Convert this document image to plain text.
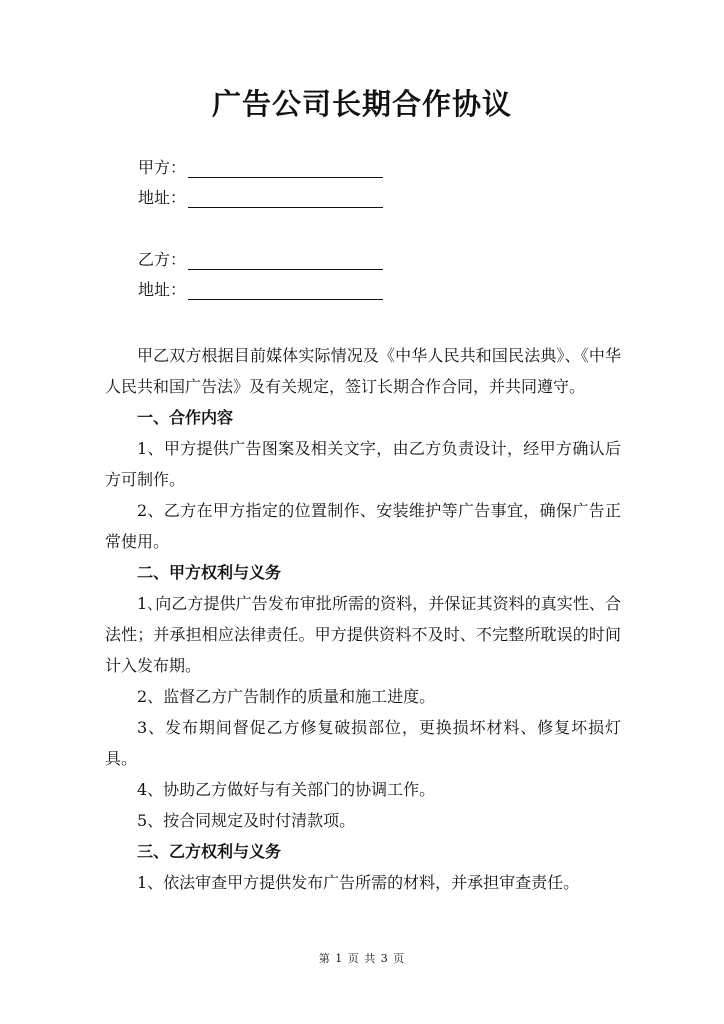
广告公司长期合作协议
甲方：
地址：
乙方：
地址：

甲乙双方根据目前媒体实际情况及《中华人民共和国民法典》、《中华人民共和国广告法》及有关规定，签订长期合作合同，并共同遵守。

一、合作内容

1、甲方提供广告图案及相关文字，由乙方负责设计，经甲方确认后方可制作。

2、乙方在甲方指定的位置制作、安装维护等广告事宜，确保广告正常使用。

二、甲方权利与义务

1､向乙方提供广告发布审批所需的资料，并保证其资料的真实性、合法性；并承担相应法律责任。甲方提供资料不及时、不完整所耽误的时间计入发布期。

2、监督乙方广告制作的质量和施工进度。

3、发布期间督促乙方修复破损部位，更换损坏材料、修复坏损灯具。

4、协助乙方做好与有关部门的协调工作。

5、按合同规定及时付清款项。

三、乙方权利与义务

1、依法审查甲方提供发布广告所需的材料，并承担审查责任。

第 1 页 共 3 页
